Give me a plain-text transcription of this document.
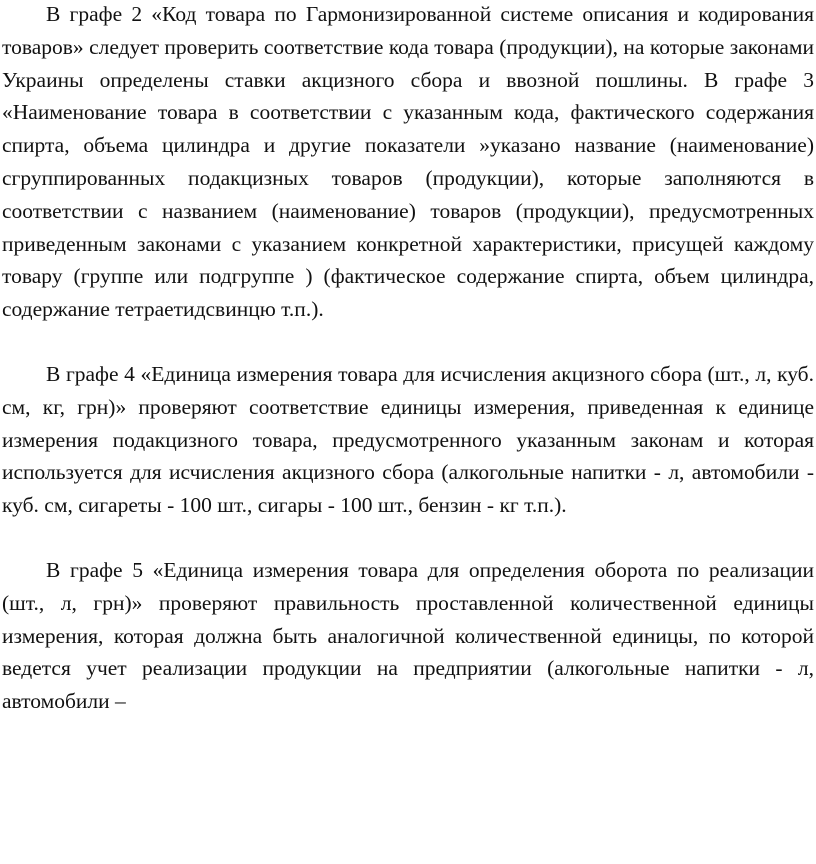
В графе 2 «Код товара по Гармонизированной системе описания и кодирования товаров» следует проверить соответствие кода товара (продукции), на которые законами Украины определены ставки акцизного сбора и ввозной пошлины. В графе 3 «Наименование товара в соответствии с указанным кода, фактического содержания спирта, объема цилиндра и другие показатели »указано название (наименование) сгруппированных подакцизных товаров (продукции), которые заполняются в соответствии с названием (наименование) товаров (продукции), предусмотренных приведенным законами с указанием конкретной характеристики, присущей каждому товару (группе или подгруппе ) (фактическое содержание спирта, объем цилиндра, содержание тетраетидсвинцю т.п.).

В графе 4 «Единица измерения товара для исчисления акцизного сбора (шт., л, куб. см, кг, грн)» проверяют соответствие единицы измерения, приведенная к единице измерения подакцизного товара, предусмотренного указанным законам и которая используется для исчисления акцизного сбора (алкогольные напитки - л, автомобили - куб. см, сигареты - 100 шт., сигары - 100 шт., бензин - кг т.п.).

В графе 5 «Единица измерения товара для определения оборота по реализации (шт., л, грн)» проверяют правильность проставленной количественной единицы измерения, которая должна быть аналогичной количественной единицы, по которой ведется учет реализации продукции на предприятии (алкогольные напитки - л, автомобили –
